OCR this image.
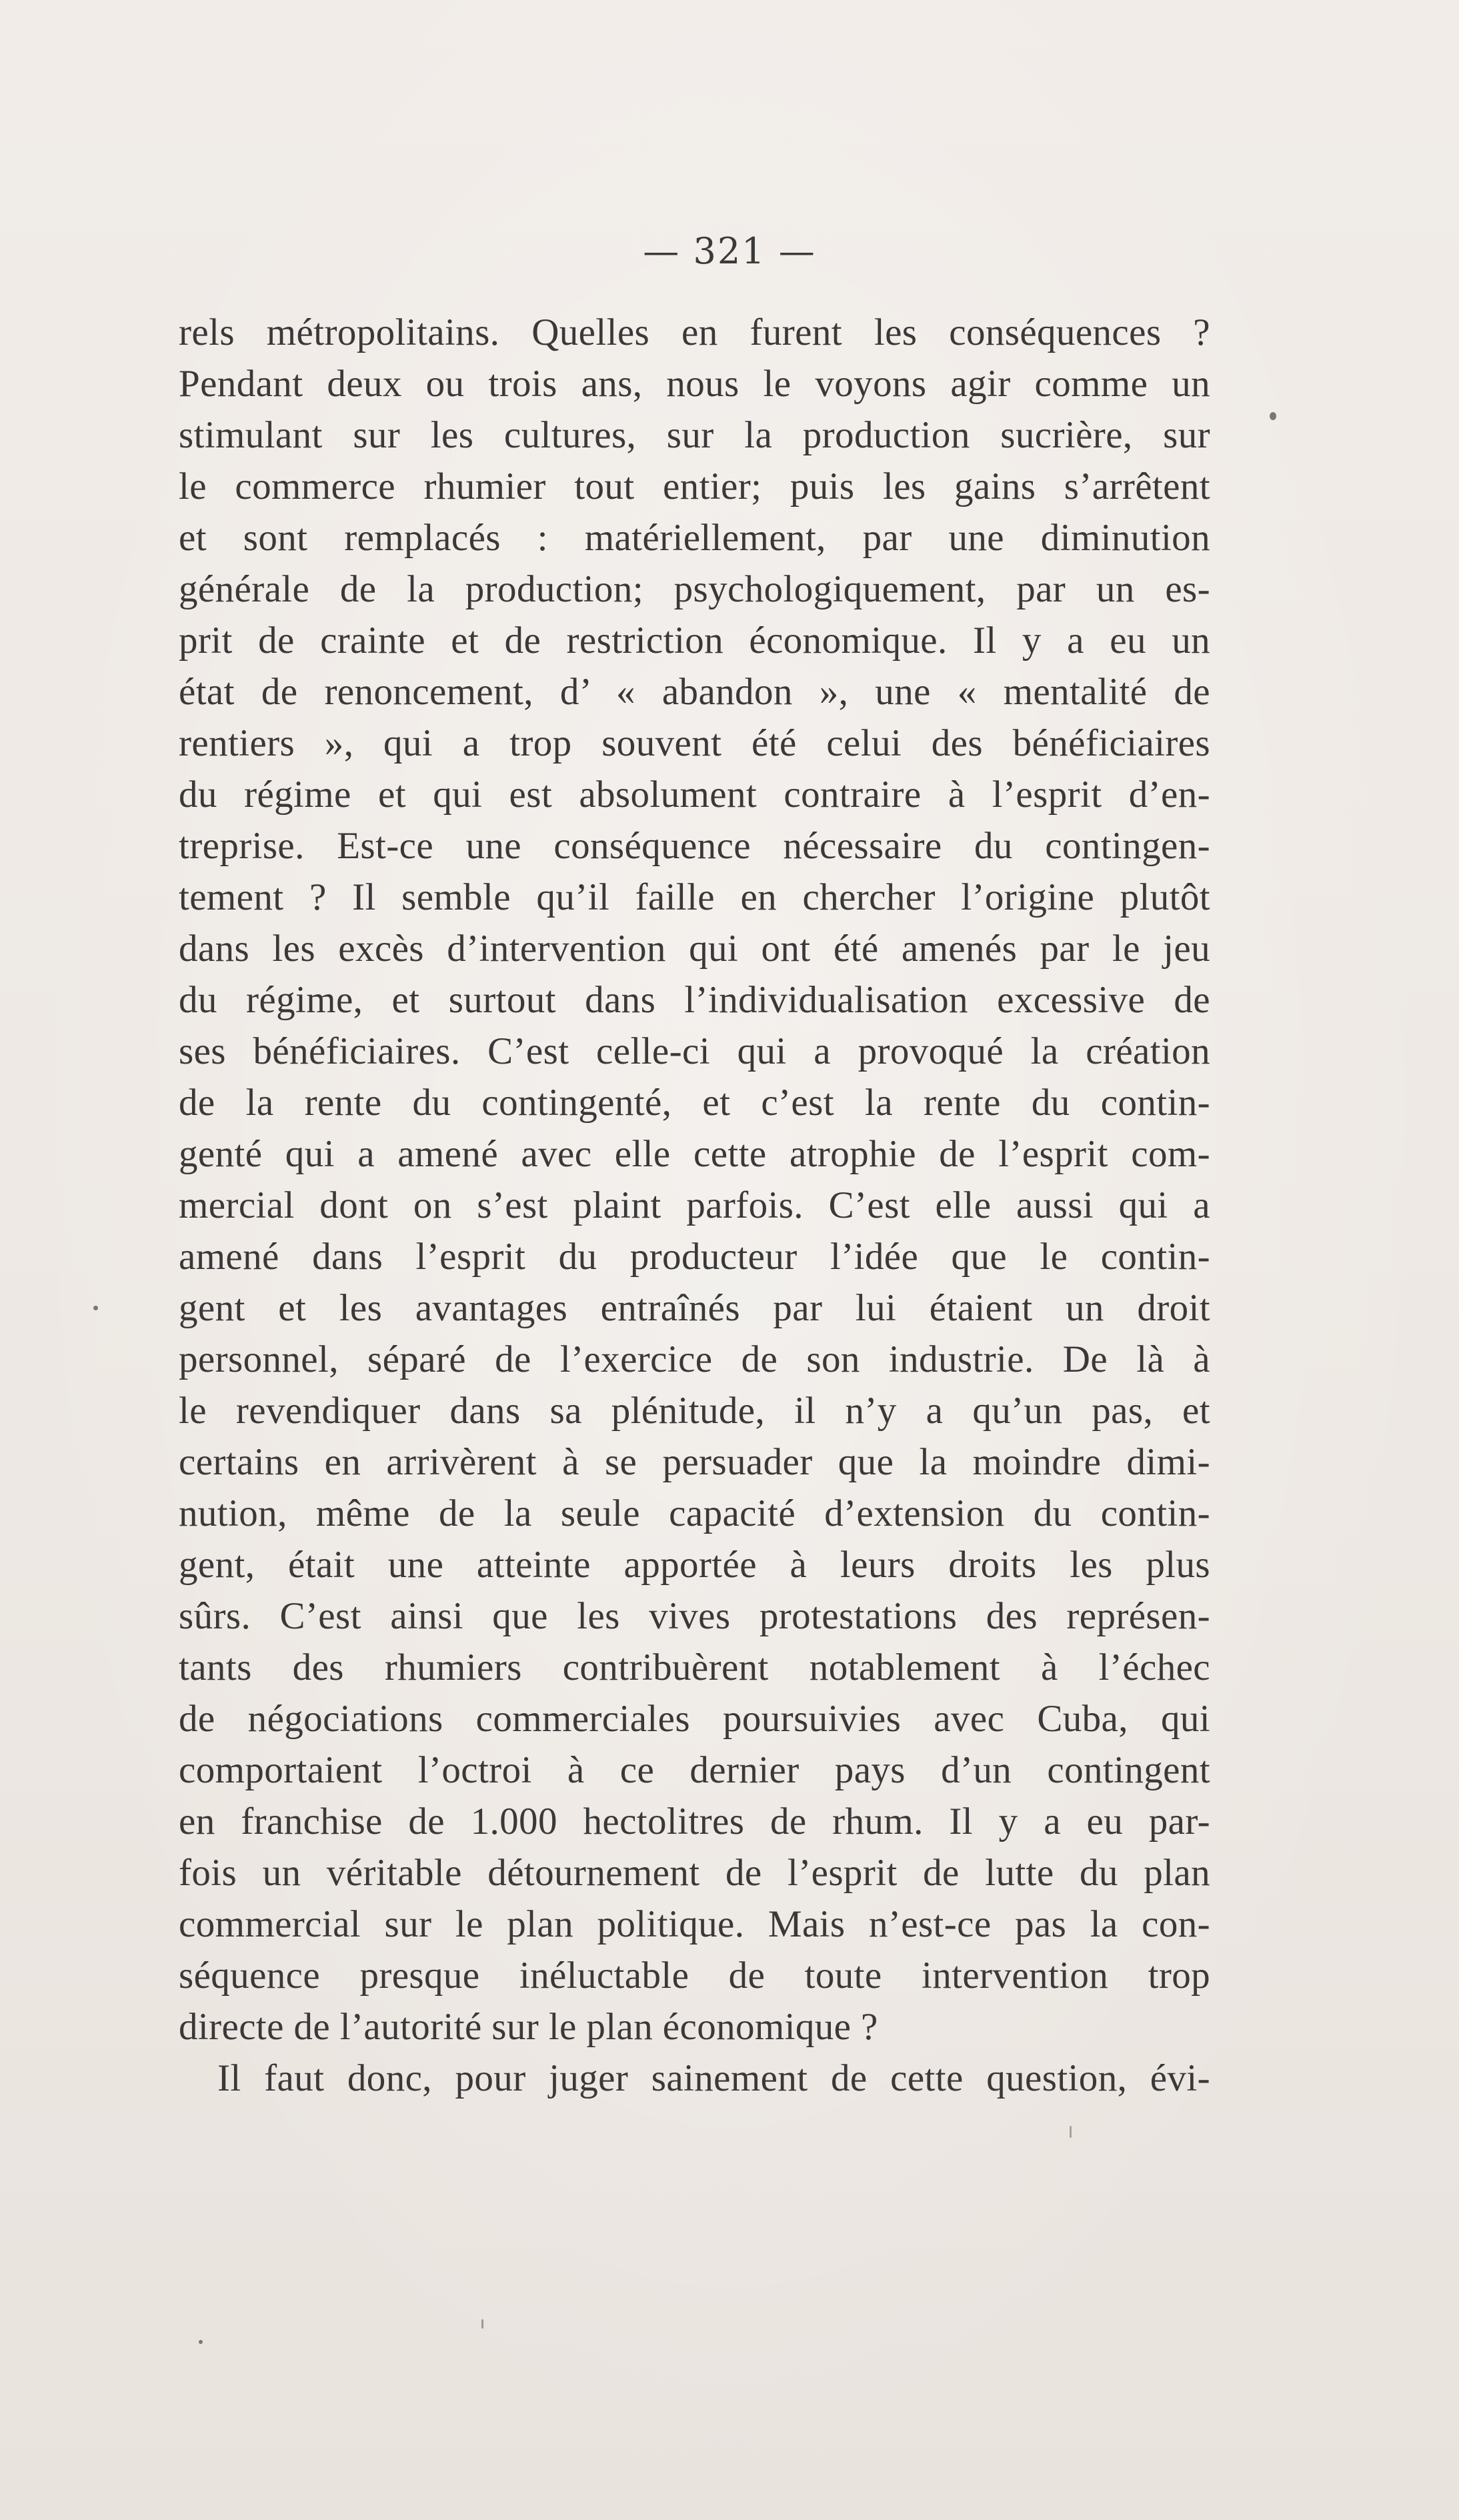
— 321 —
rels métropolitains. Quelles en furent les conséquences ?
Pendant deux ou trois ans, nous le voyons agir comme un
stimulant sur les cultures, sur la production sucrière, sur
le commerce rhumier tout entier; puis les gains s’arrêtent
et sont remplacés : matériellement, par une diminution
générale de la production; psychologiquement, par un es-
prit de crainte et de restriction économique. Il y a eu un
état de renoncement, d’ « abandon », une « mentalité de
rentiers », qui a trop souvent été celui des bénéficiaires
du régime et qui est absolument contraire à l’esprit d’en-
treprise. Est-ce une conséquence nécessaire du contingen-
tement ? Il semble qu’il faille en chercher l’origine plutôt
dans les excès d’intervention qui ont été amenés par le jeu
du régime, et surtout dans l’individualisation excessive de
ses bénéficiaires. C’est celle-ci qui a provoqué la création
de la rente du contingenté, et c’est la rente du contin-
genté qui a amené avec elle cette atrophie de l’esprit com-
mercial dont on s’est plaint parfois. C’est elle aussi qui a
amené dans l’esprit du producteur l’idée que le contin-
gent et les avantages entraînés par lui étaient un droit
personnel, séparé de l’exercice de son industrie. De là à
le revendiquer dans sa plénitude, il n’y a qu’un pas, et
certains en arrivèrent à se persuader que la moindre dimi-
nution, même de la seule capacité d’extension du contin-
gent, était une atteinte apportée à leurs droits les plus
sûrs. C’est ainsi que les vives protestations des représen-
tants des rhumiers contribuèrent notablement à l’échec
de négociations commerciales poursuivies avec Cuba, qui
comportaient l’octroi à ce dernier pays d’un contingent
en franchise de 1.000 hectolitres de rhum. Il y a eu par-
fois un véritable détournement de l’esprit de lutte du plan
commercial sur le plan politique. Mais n’est-ce pas la con-
séquence presque inéluctable de toute intervention trop
directe de l’autorité sur le plan économique ?
Il faut donc, pour juger sainement de cette question, évi-
